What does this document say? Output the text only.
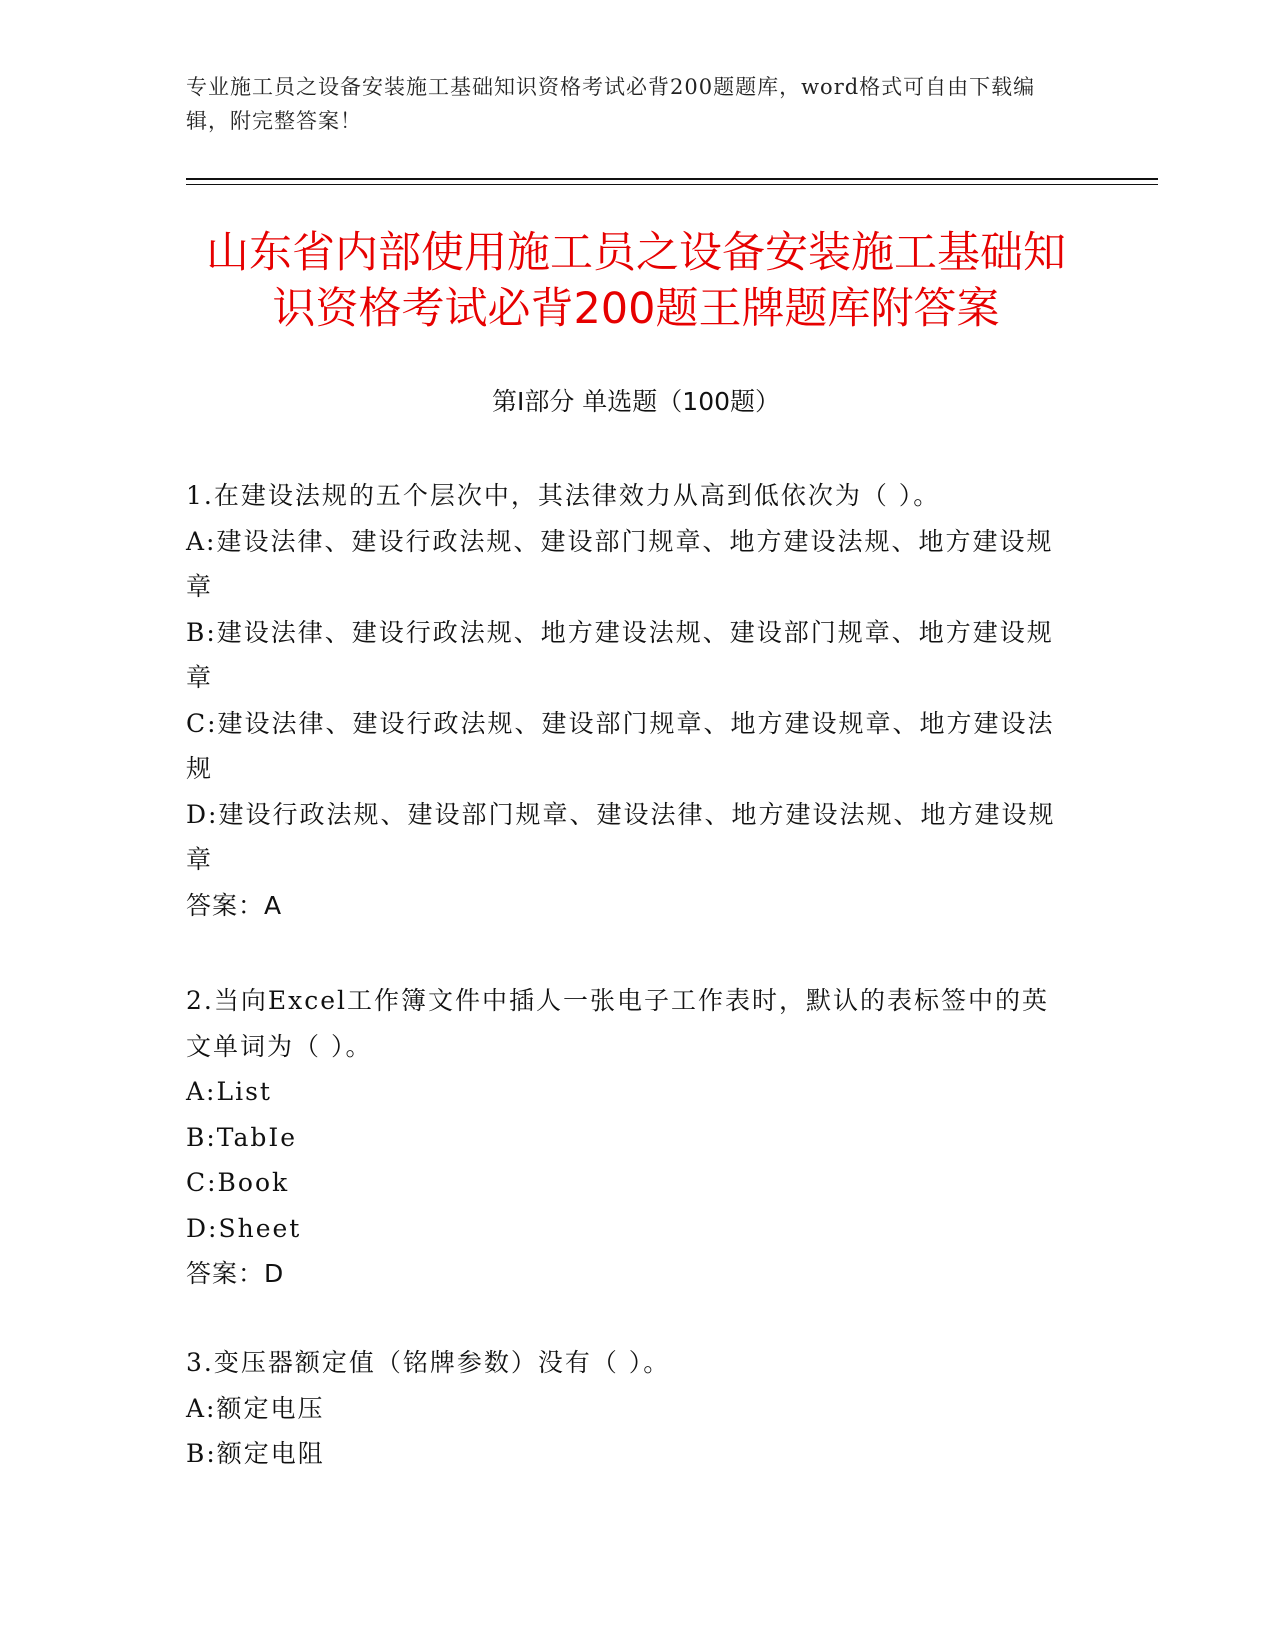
专业施工员之设备安装施工基础知识资格考试必背200题题库，word格式可自由下载编辑，附完整答案！
山东省内部使用施工员之设备安装施工基础知识资格考试必背200题王牌题库附答案
第Ⅰ部分 单选题（100题）

1.在建设法规的五个层次中，其法律效力从高到低依次为（ ）。

A:建设法律、建设行政法规、建设部门规章、地方建设法规、地方建设规章

B:建设法律、建设行政法规、地方建设法规、建设部门规章、地方建设规章

C:建设法律、建设行政法规、建设部门规章、地方建设规章、地方建设法规

D:建设行政法规、建设部门规章、建设法律、地方建设法规、地方建设规章

答案：A

2.当向Excel工作簿文件中插人一张电子工作表时，默认的表标签中的英文单词为（ ）。

A:List

B:TabIe

C:Book

D:Sheet

答案：D

3.变压器额定值（铭牌参数）没有（ ）。

A:额定电压

B:额定电阻
